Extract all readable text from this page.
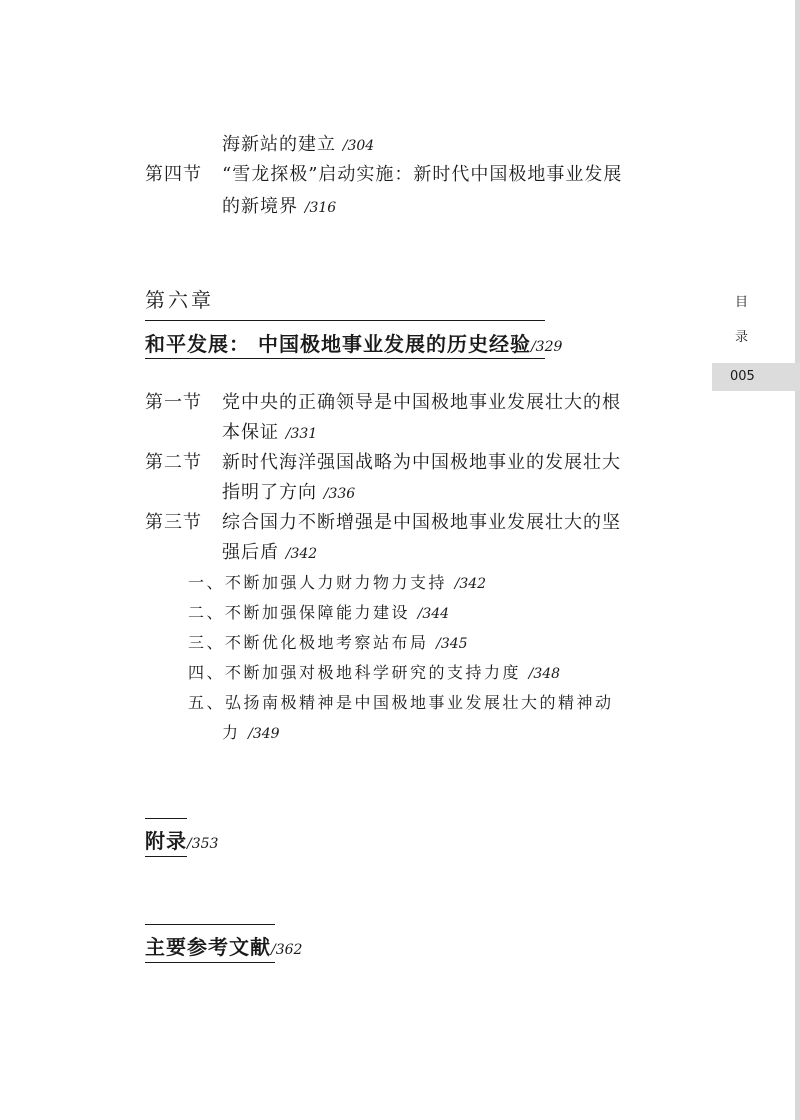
海新站的建立 /304
第四节 “雪龙探极”启动实施：新时代中国极地事业发展
的新境界 /316
第六章
和平发展： 中国极地事业发展的历史经验/329
第一节 党中央的正确领导是中国极地事业发展壮大的根
本保证 /331
第二节 新时代海洋强国战略为中国极地事业的发展壮大
指明了方向 /336
第三节 综合国力不断增强是中国极地事业发展壮大的坚
强后盾 /342
一、不断加强人力财力物力支持 /342
二、不断加强保障能力建设 /344
三、不断优化极地考察站布局 /345
四、不断加强对极地科学研究的支持力度 /348
五、弘扬南极精神是中国极地事业发展壮大的精神动
力 /349
附录/353
主要参考文献/362
目
录
005
